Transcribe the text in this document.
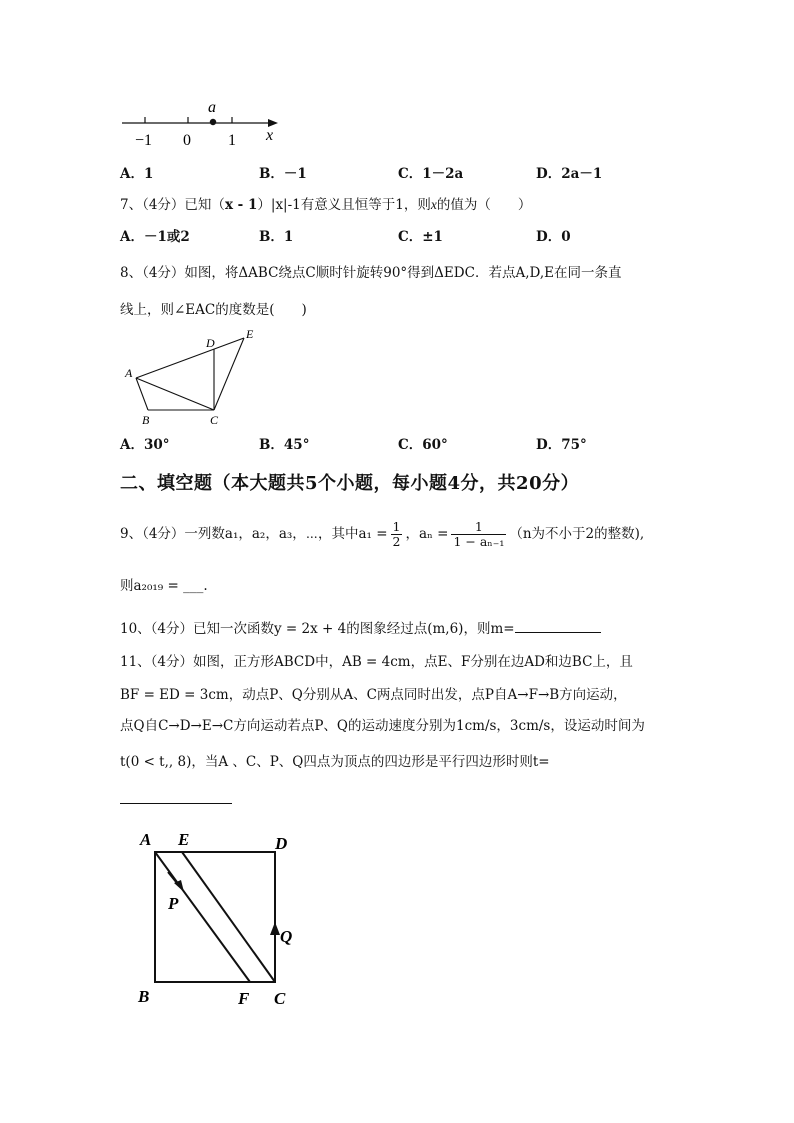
a
−1 0 1 x
A．1	B．－1	C．1－2a	D．2a－1
7、（4分）已知（x - 1）|x|-1有意义且恒等于1，则x的值为（　　）
A．－1或2	B．1	C．±1	D．0
8、（4分）如图，将ΔABC绕点C顺时针旋转90°得到ΔEDC．若点A,D,E在同一条直
线上，则∠EAC的度数是(　　)
A
B	C
D
E
A．30°	B．45°	C．60°	D．75°
二、填空题（本大题共5个小题，每小题4分，共20分）
9、（4分）一列数a₁，a₂，a₃，⋯，其中$a_1 = \frac{1}{2}$ ，$a_n = \frac{1}{\text{1 − aₙ₋₁}} (n$为不小于2的整数),
则a₂₀₁₉ = ___.
10、（4分）已知一次函数y = 2x + 4的图象经过点(m,6)，则m=
11、（4分）如图，正方形ABCD中，AB = 4cm，点E、F分别在边AD和边BC上，且
BF = ED = 3cm，动点P、Q分别从A、C两点同时出发，点P自A→F→B方向运动，
点Q自C→D→E→C方向运动若点P、Q的运动速度分别为1cm/s，3cm/s，设运动时间为
t(0 < t,, 8)，当A 、C、P、Q四点为顶点的四边形是平行四边形时则t=
A E	D
P
Q
B	F C
